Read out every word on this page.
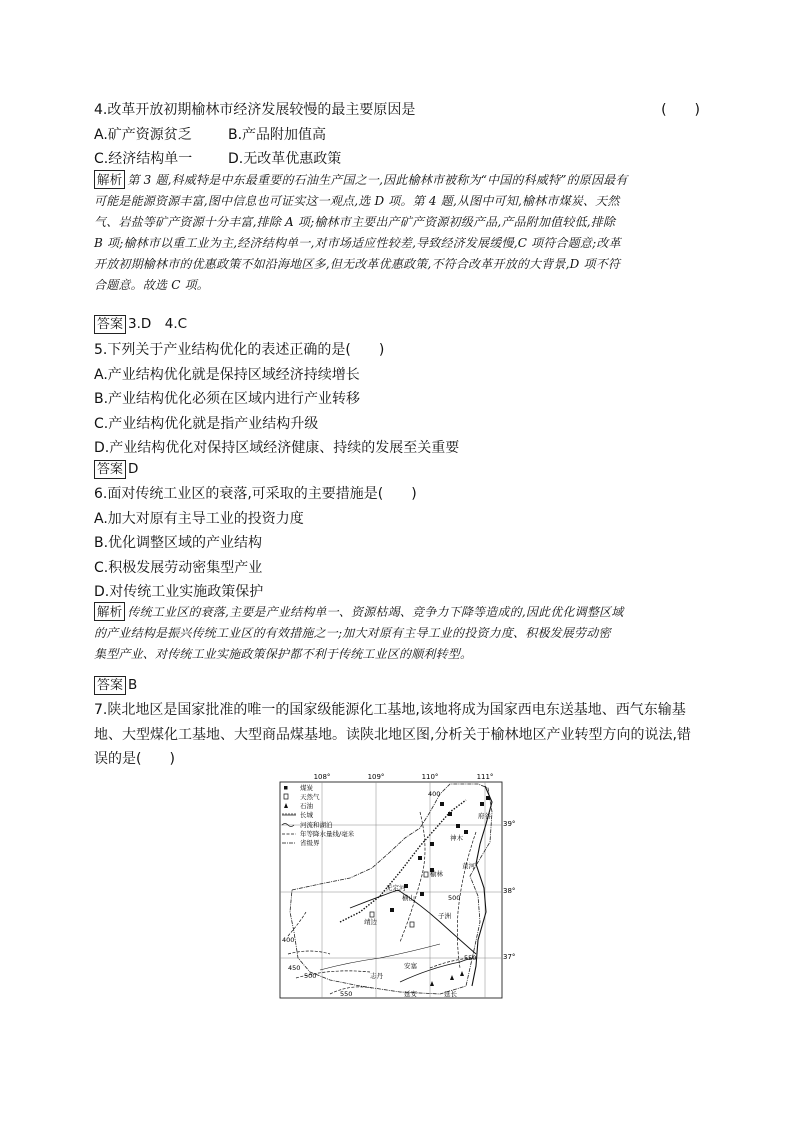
4.改革开放初期榆林市经济发展较慢的最主要原因是	(　　)
A.矿产资源贫乏	B.产品附加值高
C.经济结构单一	D.无改革优惠政策
解析 第 3 题,科威特是中东最重要的石油生产国之一,因此榆林市被称为“中国的科威特”的原因最有
可能是能源资源丰富,图中信息也可证实这一观点,选 D 项。第 4 题,从图中可知,榆林市煤炭、天然
气、岩盐等矿产资源十分丰富,排除 A 项;榆林市主要出产矿产资源初级产品,产品附加值较低,排除
B 项;榆林市以重工业为主,经济结构单一,对市场适应性较差,导致经济发展缓慢,C 项符合题意;改革
开放初期榆林市的优惠政策不如沿海地区多,但无改革优惠政策,不符合改革开放的大背景,D 项不符
合题意。故选 C 项。
答案 3.D　4.C
5.下列关于产业结构优化的表述正确的是(　　)
A.产业结构优化就是保持区域经济持续增长
B.产业结构优化必须在区域内进行产业转移
C.产业结构优化就是指产业结构升级
D.产业结构优化对保持区域经济健康、持续的发展至关重要
答案 D
6.面对传统工业区的衰落,可采取的主要措施是(　　)
A.加大对原有主导工业的投资力度
B.优化调整区域的产业结构
C.积极发展劳动密集型产业
D.对传统工业实施政策保护
解析 传统工业区的衰落,主要是产业结构单一、资源枯竭、竞争力下降等造成的,因此优化调整区域
的产业结构是振兴传统工业区的有效措施之一;加大对原有主导工业的投资力度、积极发展劳动密
集型产业、对传统工业实施政策保护都不利于传统工业区的顺利转型。
答案 B
7.陕北地区是国家批准的唯一的国家级能源化工基地,该地将成为国家西电东送基地、西气东输基
地、大型煤化工基地、大型商品煤基地。读陕北地区图,分析关于榆林地区产业转型方向的说法,错
误的是(　　)
108°	109°	110°	111°
39°
38°
37°
煤炭
天然气
石油
长城
河流和湖泊
年等降水量线/毫米
省级界
400
500
450
500
550
550
400
府谷
神木
榆林
横山
靖边
子洲
延安
志丹
安塞
延长
黄河
无定河
